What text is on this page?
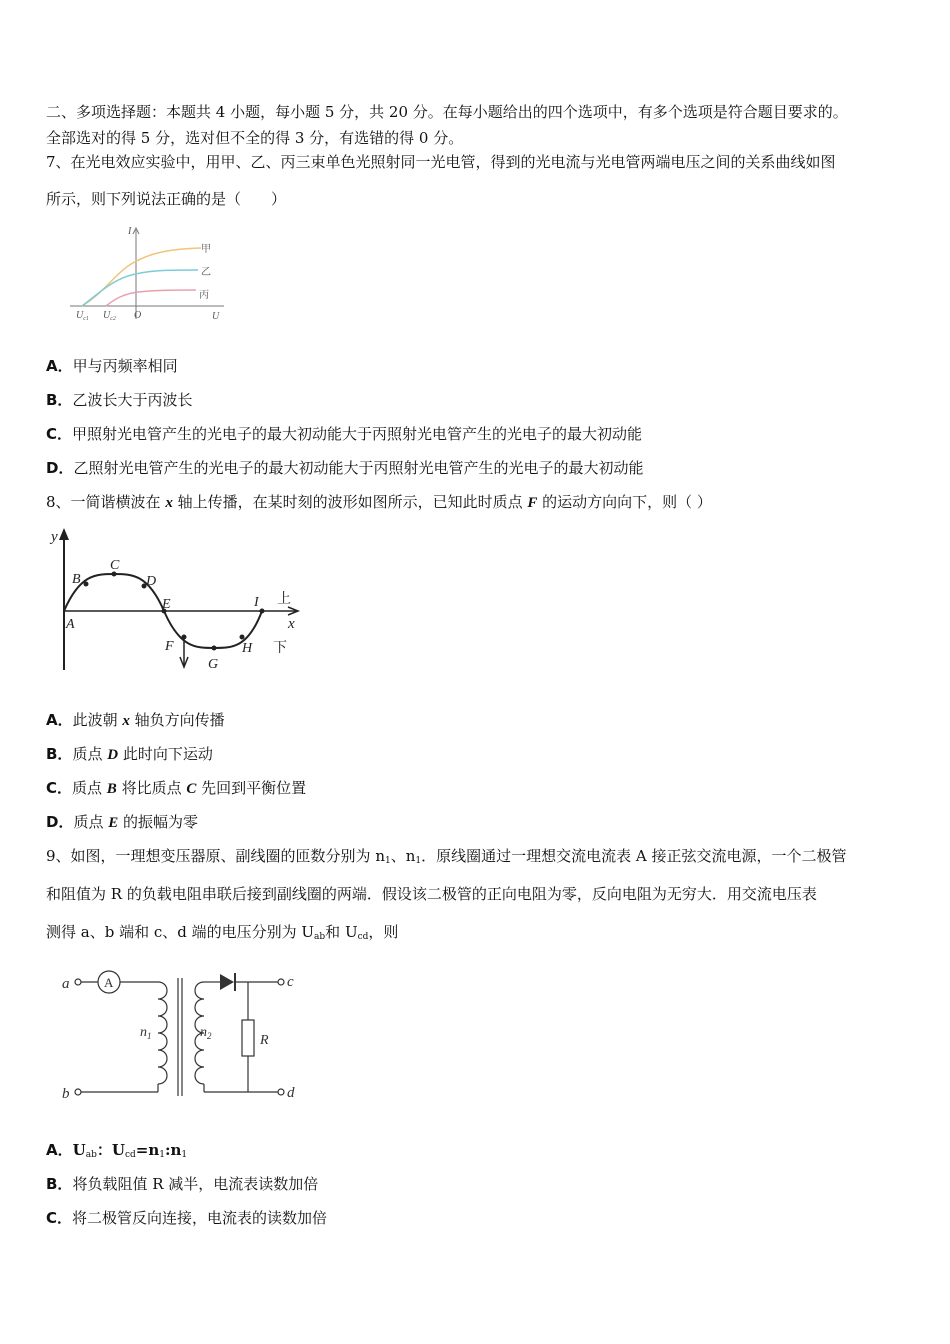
二、多项选择题：本题共 4 小题，每小题 5 分，共 20 分。在每小题给出的四个选项中，有多个选项是符合题目要求的。
全部选对的得 5 分，选对但不全的得 3 分，有选错的得 0 分。
7、在光电效应实验中，用甲、乙、丙三束单色光照射同一光电管，得到的光电流与光电管两端电压之间的关系曲线如图
所示，则下列说法正确的是（　　）
I
U
O
$U_{c1}$ $U_{c2}$
甲
乙
丙
A．甲与丙频率相同
B．乙波长大于丙波长
C．甲照射光电管产生的光电子的最大初动能大于丙照射光电管产生的光电子的最大初动能
D．乙照射光电管产生的光电子的最大初动能大于丙照射光电管产生的光电子的最大初动能
8、一简谐横波在 x 轴上传播，在某时刻的波形如图所示，已知此时质点 F 的运动方向向下，则（ ）
y
x
上
下
A
B
C
D
E
F
G
H
I
A．此波朝 x 轴负方向传播
B．质点 D 此时向下运动
C．质点 B 将比质点 C 先回到平衡位置
D．质点 E 的振幅为零
9、如图，一理想变压器原、副线圈的匝数分别为 $n_1$、$n_1$．原线圈通过一理想交流电流表 A 接正弦交流电源，一个二极管
和阻值为 R 的负载电阻串联后接到副线圈的两端．假设该二极管的正向电阻为零，反向电阻为无穷大．用交流电压表
测得 a、b 端和 c、d 端的电压分别为 $U_{ab}$和 $U_{cd}$，则
a
b
c
d
A
$n_1$	$n_2$	R
A．$U_{ab}$：$U_{cd}=n_1:n_1$
B．将负载阻值 R 减半，电流表读数加倍
C．将二极管反向连接，电流表的读数加倍
